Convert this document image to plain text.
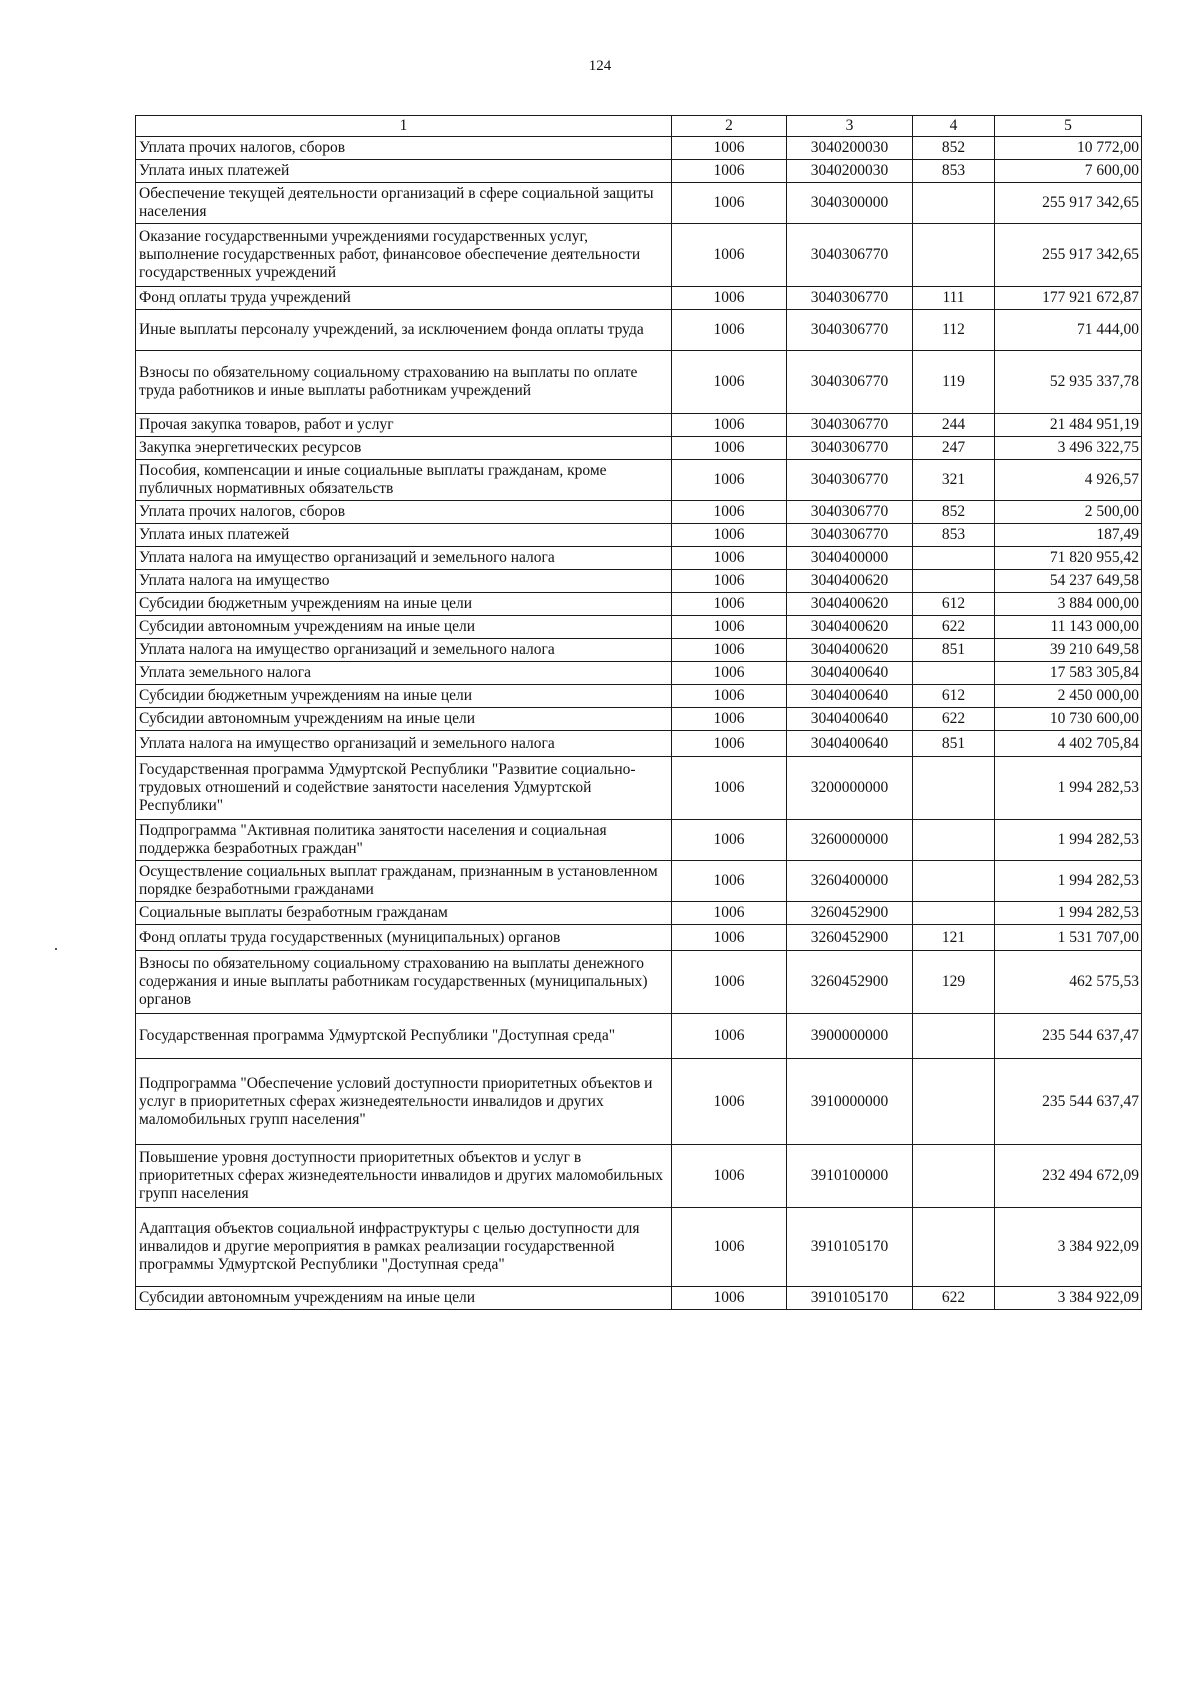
124
1	2	3	4	5
Уплата прочих налогов, сборов	1006	3040200030	852	10 772,00
Уплата иных платежей	1006	3040200030	853	7 600,00
Обеспечение текущей деятельности организаций в сфере социальной защиты населения	1006	3040300000		255 917 342,65
Оказание государственными учреждениями государственных услуг, выполнение государственных работ, финансовое обеспечение деятельности государственных учреждений	1006	3040306770		255 917 342,65
Фонд оплаты труда учреждений	1006	3040306770	111	177 921 672,87
Иные выплаты персоналу учреждений, за исключением фонда оплаты труда	1006	3040306770	112	71 444,00
Взносы по обязательному социальному страхованию на выплаты по оплате труда работников и иные выплаты работникам учреждений	1006	3040306770	119	52 935 337,78
Прочая закупка товаров, работ и услуг	1006	3040306770	244	21 484 951,19
Закупка энергетических ресурсов	1006	3040306770	247	3 496 322,75
Пособия, компенсации и иные социальные выплаты гражданам, кроме публичных нормативных обязательств	1006	3040306770	321	4 926,57
Уплата прочих налогов, сборов	1006	3040306770	852	2 500,00
Уплата иных платежей	1006	3040306770	853	187,49
Уплата налога на имущество организаций и земельного налога	1006	3040400000		71 820 955,42
Уплата налога на имущество	1006	3040400620		54 237 649,58
Субсидии бюджетным учреждениям на иные цели	1006	3040400620	612	3 884 000,00
Субсидии автономным учреждениям на иные цели	1006	3040400620	622	11 143 000,00
Уплата налога на имущество организаций и земельного налога	1006	3040400620	851	39 210 649,58
Уплата земельного налога	1006	3040400640		17 583 305,84
Субсидии бюджетным учреждениям на иные цели	1006	3040400640	612	2 450 000,00
Субсидии автономным учреждениям на иные цели	1006	3040400640	622	10 730 600,00
Уплата налога на имущество организаций и земельного налога	1006	3040400640	851	4 402 705,84
Государственная программа Удмуртской Республики "Развитие социально-трудовых отношений и содействие занятости населения Удмуртской Республики"	1006	3200000000		1 994 282,53
Подпрограмма "Активная политика занятости населения и социальная поддержка безработных граждан"	1006	3260000000		1 994 282,53
Осуществление социальных выплат гражданам, признанным в установленном порядке безработными гражданами	1006	3260400000		1 994 282,53
Социальные выплаты безработным гражданам	1006	3260452900		1 994 282,53
Фонд оплаты труда государственных (муниципальных) органов	1006	3260452900	121	1 531 707,00
Взносы по обязательному социальному страхованию на выплаты денежного содержания и иные выплаты работникам государственных (муниципальных) органов	1006	3260452900	129	462 575,53
Государственная программа Удмуртской Республики "Доступная среда"	1006	3900000000		235 544 637,47
Подпрограмма "Обеспечение условий доступности приоритетных объектов и услуг в приоритетных сферах жизнедеятельности инвалидов и других маломобильных групп населения"	1006	3910000000		235 544 637,47
Повышение уровня доступности приоритетных объектов и услуг в приоритетных сферах жизнедеятельности инвалидов и других маломобильных групп населения	1006	3910100000		232 494 672,09
Адаптация объектов социальной инфраструктуры с целью доступности для инвалидов и другие мероприятия в рамках реализации государственной программы Удмуртской Республики "Доступная среда"	1006	3910105170		3 384 922,09
Субсидии автономным учреждениям на иные цели	1006	3910105170	622	3 384 922,09
